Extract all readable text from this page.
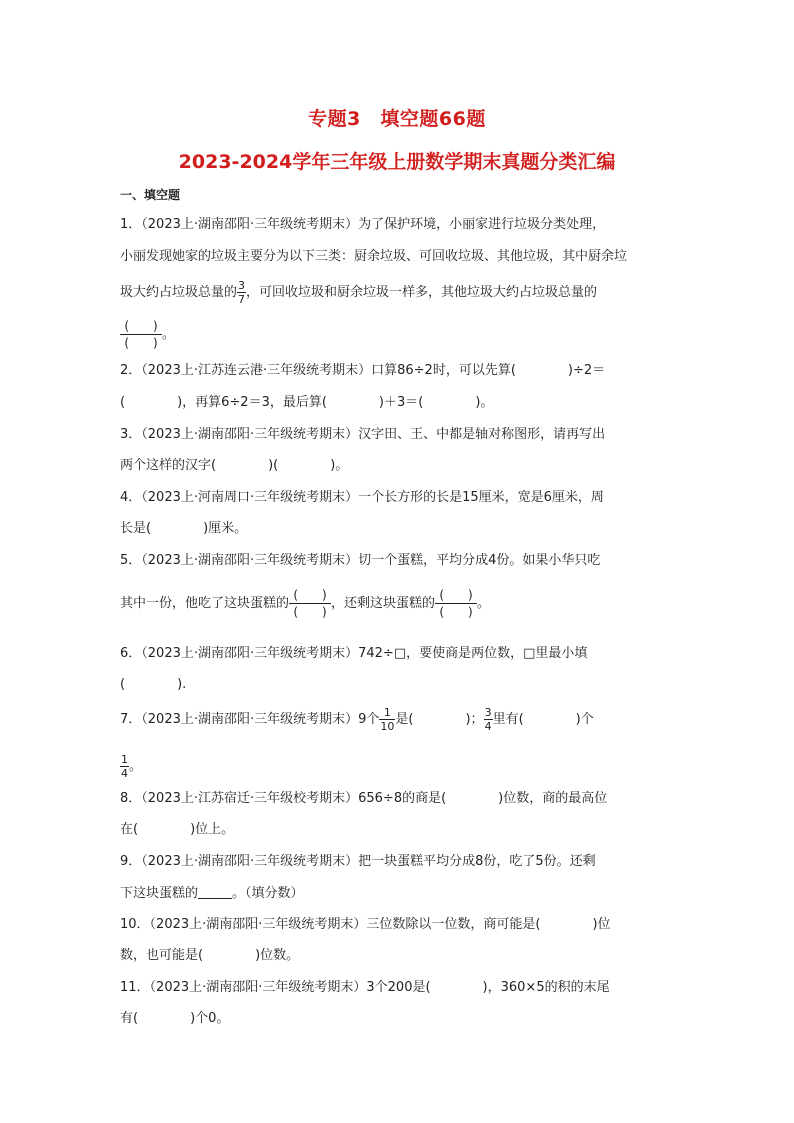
专题3　填空题66题
2023-2024学年三年级上册数学期末真题分类汇编
一、填空题
1．（2023上·湖南邵阳·三年级统考期末）为了保护环境，小丽家进行垃圾分类处理，
小丽发现她家的垃圾主要分为以下三类：厨余垃圾、可回收垃圾、其他垃圾，其中厨余垃
圾大约占垃圾总量的 $\frac{3}{7}$ ，可回收垃圾和厨余垃圾一样多，其他垃圾大约占垃圾总量的
$\frac{( )}{( )}$ 。
2．（2023上·江苏连云港·三年级统考期末）口算86÷2时，可以先算(　　　　)÷2＝
(　　　　)，再算6÷2＝3，最后算(　　　　)＋3＝(　　　　)。
3．（2023上·湖南邵阳·三年级统考期末）汉字田、王、中都是轴对称图形，请再写出
两个这样的汉字(　　　　)(　　　　)。
4．（2023上·河南周口·三年级统考期末）一个长方形的长是15厘米，宽是6厘米，周
长是(　　　　)厘米。
5．（2023上·湖南邵阳·三年级统考期末）切一个蛋糕，平均分成4份。如果小华只吃
其中一份，他吃了这块蛋糕的 $\frac{( )}{( )}$ ，还剩这块蛋糕的 $\frac{( )}{( )}$ 。
6．（2023上·湖南邵阳·三年级统考期末）742÷□，要使商是两位数，□里最小填
(　　　　).
7．（2023上·湖南邵阳·三年级统考期末）9个 $\frac{1}{10}$ 是(　　　　)； $\frac{3}{4}$ 里有(　　　　)个
$\frac{1}{4}$ 。
8．（2023上·江苏宿迁·三年级校考期末）656÷8的商是(　　　　)位数，商的最高位
在(　　　　)位上。
9．（2023上·湖南邵阳·三年级统考期末）把一块蛋糕平均分成8份，吃了5份。还剩
下这块蛋糕的	。（填分数）
10．（2023上·湖南邵阳·三年级统考期末）三位数除以一位数，商可能是(　　　　)位
数，也可能是(　　　　)位数。
11．（2023上·湖南邵阳·三年级统考期末）3个200是(　　　　)，360×5的积的末尾
有(　　　　)个0。
